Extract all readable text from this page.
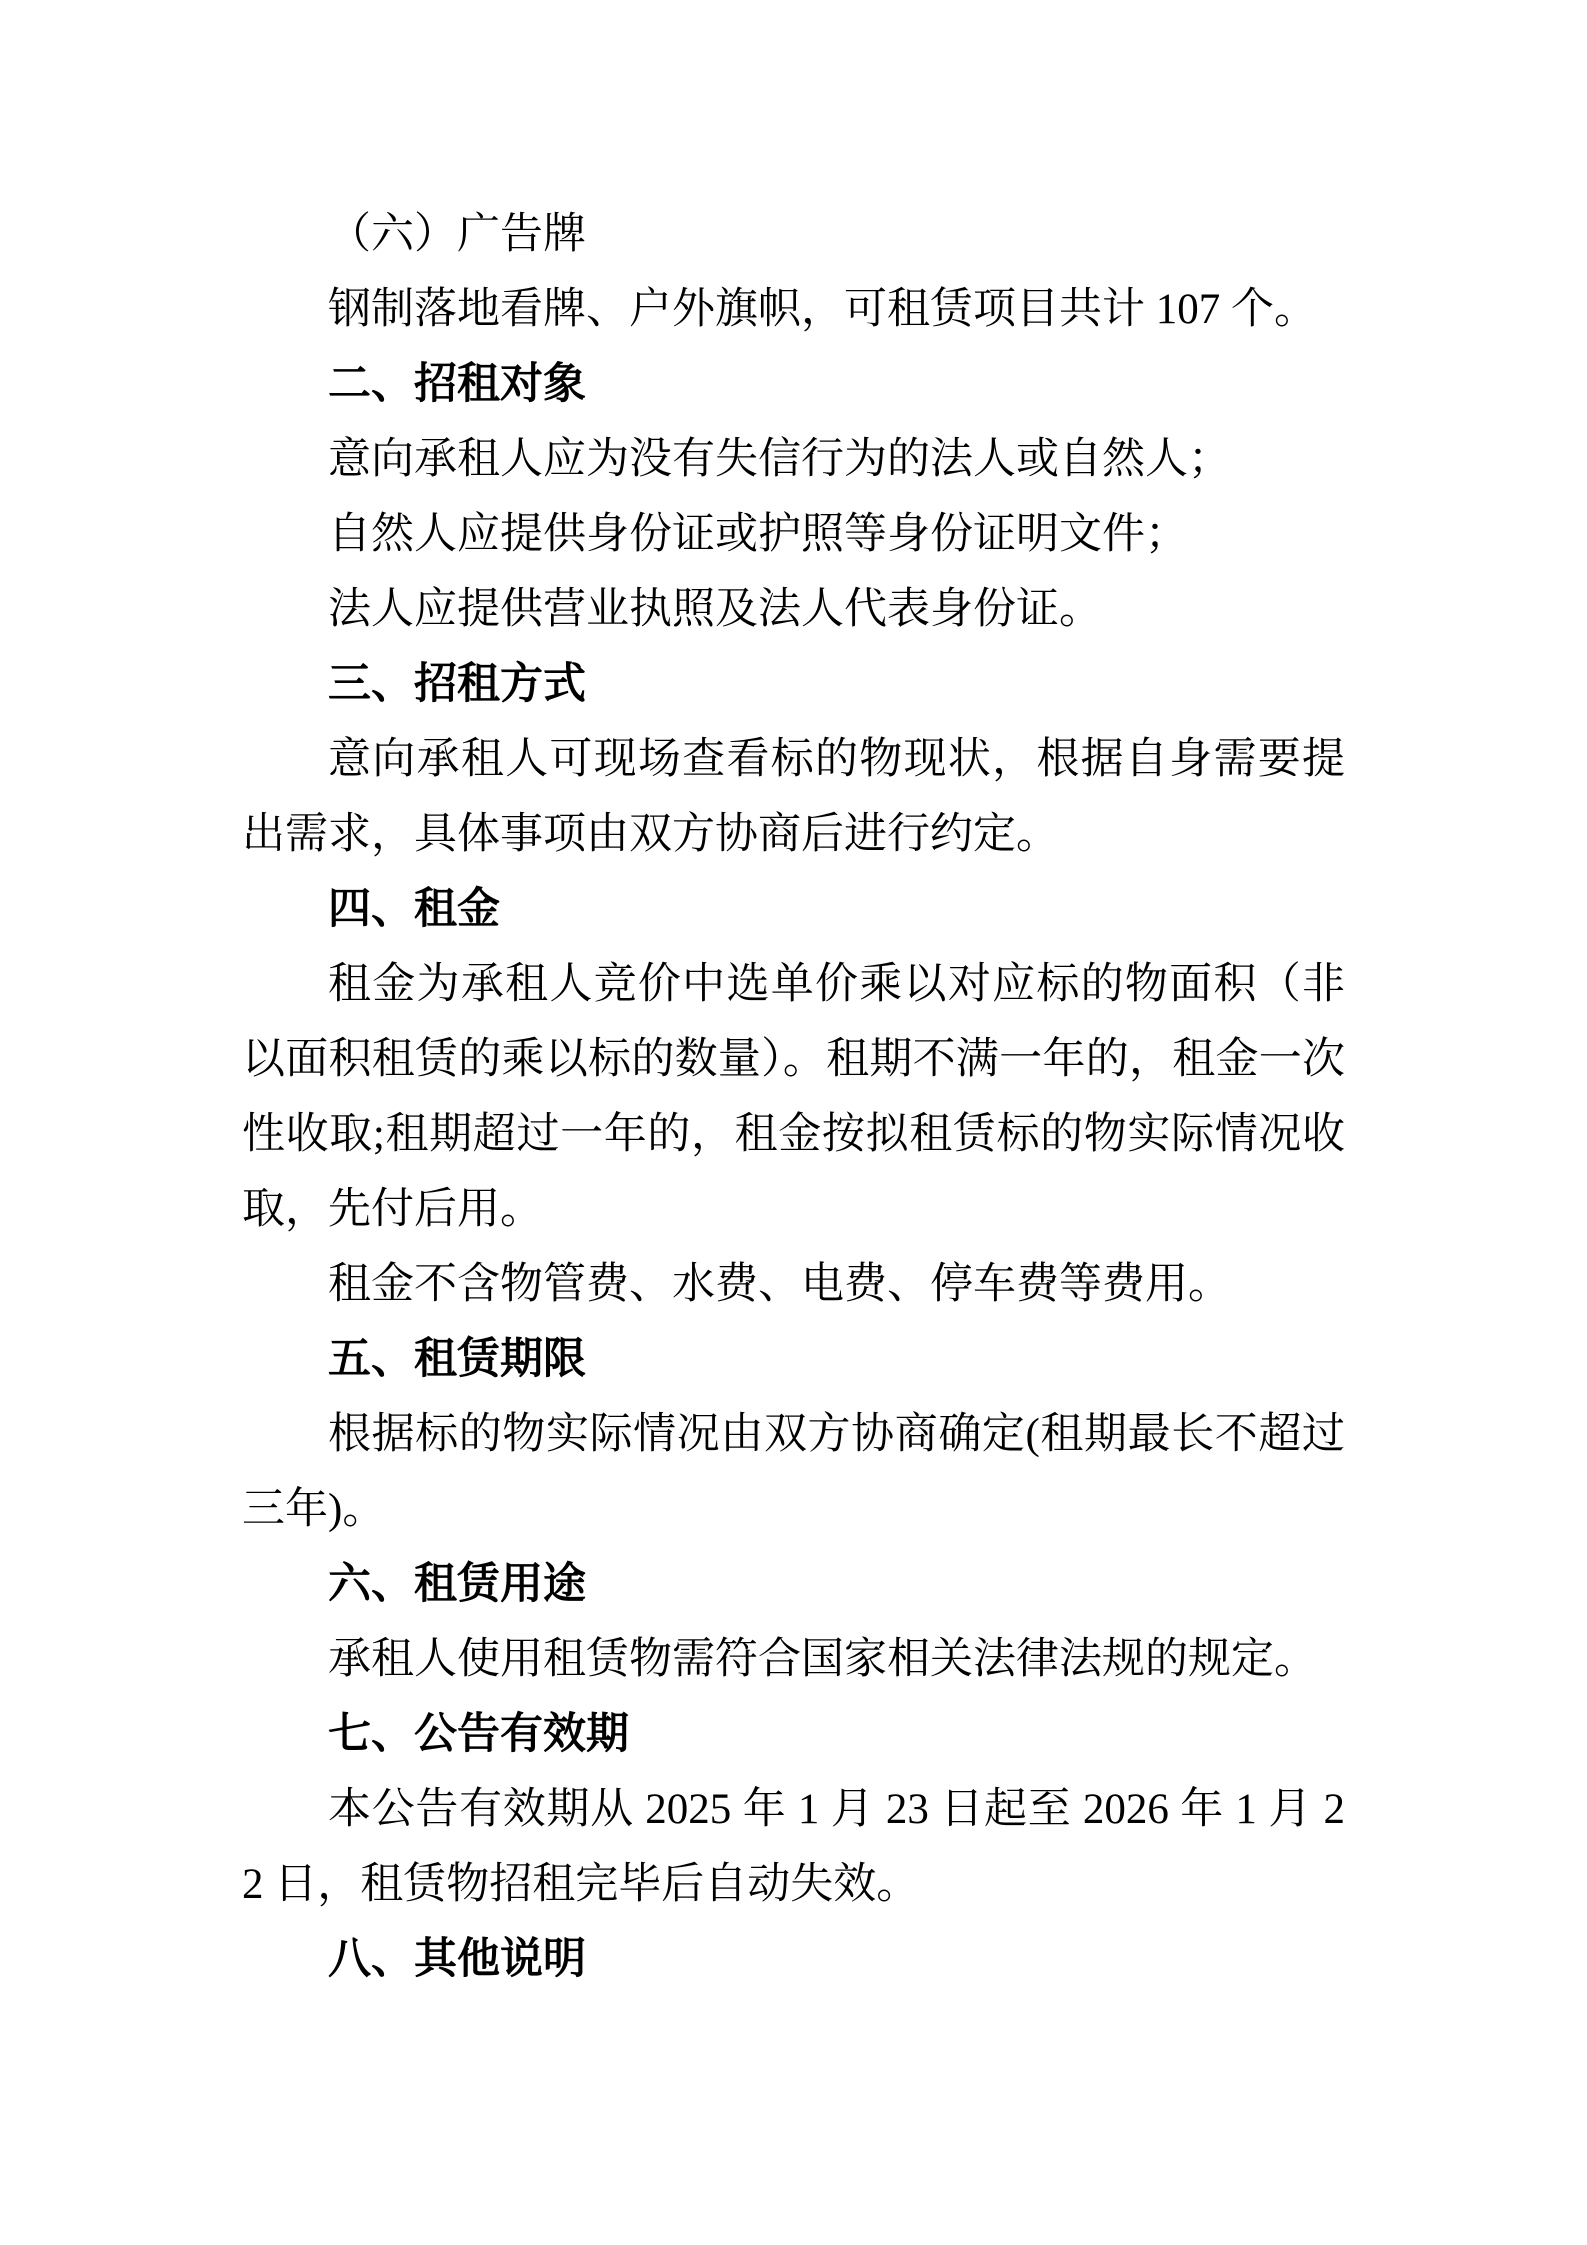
（六）广告牌

钢制落地看牌、户外旗帜，可租赁项目共计 107 个。

二、招租对象

意向承租人应为没有失信行为的法人或自然人；

自然人应提供身份证或护照等身份证明文件；

法人应提供营业执照及法人代表身份证。

三、招租方式

意向承租人可现场查看标的物现状，根据自身需要提出需求，具体事项由双方协商后进行约定。

四、租金

租金为承租人竞价中选单价乘以对应标的物面积（非以面积租赁的乘以标的数量）。租期不满一年的，租金一次性收取;租期超过一年的，租金按拟租赁标的物实际情况收取，先付后用。

租金不含物管费、水费、电费、停车费等费用。

五、租赁期限

根据标的物实际情况由双方协商确定(租期最长不超过三年)。

六、租赁用途

承租人使用租赁物需符合国家相关法律法规的规定。

七、公告有效期

本公告有效期从 2025 年 1 月 23 日起至 2026 年 1 月 22 日，租赁物招租完毕后自动失效。

八、其他说明
